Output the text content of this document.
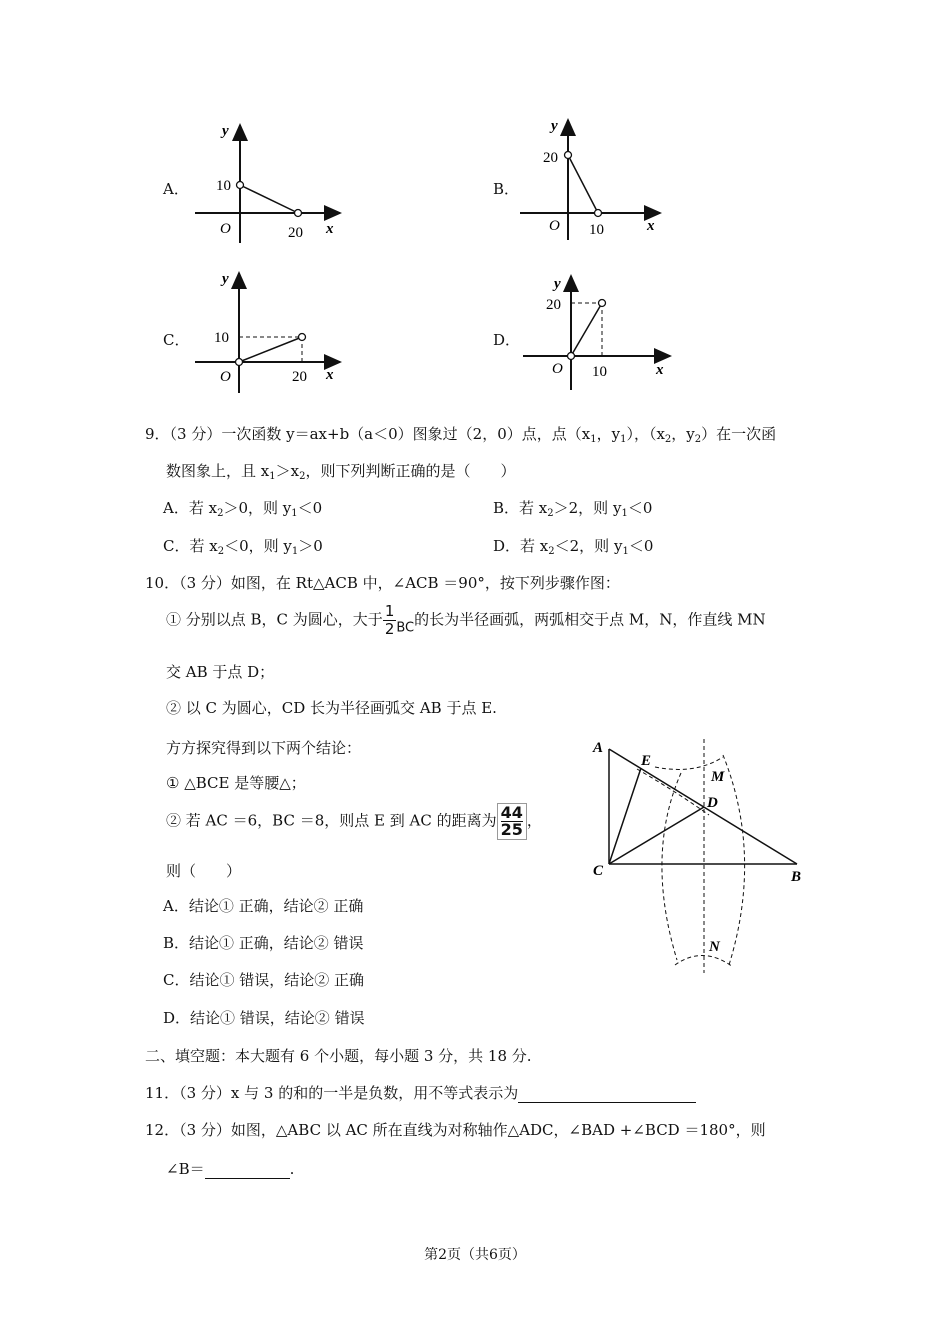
A．
y
10
O	20 x
B．
y
20
O 10	x
C．
y
10
O	20 x
D．
y
20
O 10	x
9．（3 分）一次函数 y＝ax+b（a＜0）图象过（2，0）点，点（$x_1$，$y_1$），（$x_2$，$y_2$）在一次函
数图象上，且 $x_1>x_2$，则下列判断正确的是（　　）
A．若 $x_2>0$，则 $y_1<0$	B．若 $x_2>2$，则 $y_1<0$
C．若 $x_2<0$，则 $y_1>0$	D．若 $x_2<2$，则 $y_1<0$
10．（3 分）如图，在 Rt△ACB 中，∠ACB ＝90°，按下列步骤作图：
① 分别以点 B，C 为圆心，大于 $\frac{1}{2}$ BC的长为半径画弧，两弧相交于点 M，N，作直线 MN
交 AB 于点 D；
② 以 C 为圆心，CD 长为半径画弧交 AB 于点 E.
方方探究得到以下两个结论：
① △BCE 是等腰△；
② 若 AC ＝6，BC ＝8，则点 E 到 AC 的距离为 $\frac{44}{25}$ ，
则（　　）
A．结论① 正确，结论② 正确
B．结论① 正确，结论② 错误
C．结论① 错误，结论② 正确
D．结论① 错误，结论② 错误
A
E
M
D
C	B
N
二、填空题：本大题有 6 个小题，每小题 3 分，共 18 分.
11．（3 分）x 与 3 的和的一半是负数，用不等式表示为
12．（3 分）如图，△ABC 以 AC 所在直线为对称轴作△ADC，∠BAD +∠BCD ＝180°，则
∠B＝	.
第2页（共6页）
